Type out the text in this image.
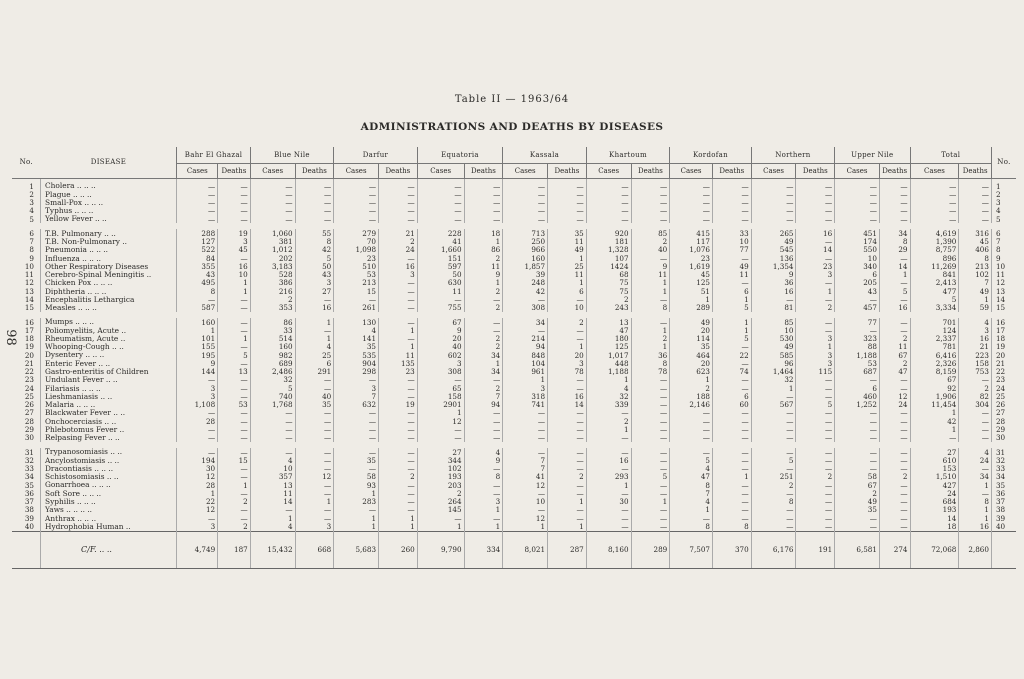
98
Table II — 1963/64
ADMINISTRATIONS AND DEATHS BY DISEASES
No.	DISEASE	Bahr El Ghazal		Blue Nile		Darfur		Equatoria		Kassala		Khartoum		Kordofan		Northern		Upper Nile		Total		No.
		Cases	Deaths	Cases	Deaths	Cases	Deaths	Cases	Deaths	Cases	Deaths	Cases	Deaths	Cases	Deaths	Cases	Deaths	Cases	Deaths	Cases	Deaths	
1	Cholera .. .. ..	—	—	—	—	—	—	—	—	—	—	—	—	—	—	—	—	—	—	—	—	1
2	Plague .. .. ..	—	—	—	—	—	—	—	—	—	—	—	—	—	—	—	—	—	—	—	—	2
3	Small-Pox .. .. ..	—	—	—	—	—	—	—	—	—	—	—	—	—	—	—	—	—	—	—	—	3
4	Typhus .. .. ..	—	—	—	—	—	—	—	—	—	—	—	—	—	—	—	—	—	—	—	—	4
5	Yellow Fever .. ..	—	—	—	—	—	—	—	—	—	—	—	—	—	—	—	—	—	—	—	—	5

6	T.B. Pulmonary .. ..	288	19	1,060	55	279	21	228	18	713	35	920	85	415	33	265	16	451	34	4,619	316	6
7	T.B. Non-Pulmonary ..	127	3	381	8	70	2	41	1	250	11	181	2	117	10	49	—	174	8	1,390	45	7
8	Pneumonia .. .. ..	522	45	1,012	42	1,098	24	1,660	86	966	49	1,328	40	1,076	77	545	14	550	29	8,757	406	8
9	Influenza .. .. ..	84	—	202	5	23	—	151	2	160	1	107	—	23	—	136	—	10	—	896	8	9
10	Other Respiratory Diseases	355	16	3,183	50	510	16	597	11	1,857	25	1424	9	1,619	49	1,354	23	340	14	11,269	213	10
11	Cerebro-Spinal Meningitis ..	43	10	528	43	53	3	50	9	39	11	68	11	45	11	9	3	6	1	841	102	11
12	Chicken Pox .. .. ..	495	1	386	3	213	—	630	1	248	1	75	1	125	—	36	—	205	—	2,413	7	12
13	Diphtheria .. .. ..	8	1	216	27	15	—	11	2	42	6	75	1	51	6	16	1	43	5	477	49	13
14	Encephalitis Lethargica	—	—	2	—	—	—	—	—	—	—	2	—	1	1	—	—	—	—	5	1	14
15	Measles .. .. ..	587	—	353	16	261	—	755	2	308	10	243	8	289	5	81	2	457	16	3,334	59	15

16	Mumps .. .. ..	160	—	86	1	130	—	67	—	34	2	13	—	49	1	85	—	77	—	701	4	16
17	Poliomyelitis, Acute ..	1	—	33	—	4	1	9	—	—	—	47	1	20	1	10	—	—	—	124	3	17
18	Rheumatism, Acute ..	101	1	514	1	141	—	20	2	214	—	180	2	114	5	530	3	323	2	2,337	16	18
19	Whooping-Cough .. ..	155	—	160	4	35	1	40	2	94	1	125	1	35	—	49	1	88	11	781	21	19
20	Dysentery .. .. ..	195	5	982	25	535	11	602	34	848	20	1,017	36	464	22	585	3	1,188	67	6,416	223	20
21	Enteric Fever .. ..	9	—	689	6	904	135	3	1	104	3	448	8	20	—	96	3	53	2	2,326	158	21
22	Gastro-enteritis of Children	144	13	2,486	291	298	23	308	34	961	78	1,188	78	623	74	1,464	115	687	47	8,159	753	22
23	Undulant Fever .. ..	—	—	32	—	—	—	—	—	1	—	1	—	1	—	32	—	—	—	67	—	23
24	Filariasis .. .. ..	3	—	5	—	3	—	65	2	3	—	4	—	2	—	1	—	6	—	92	2	24
25	Lieshmaniasis .. ..	3	—	740	40	7	—	158	7	318	16	32	—	188	6	—	—	460	12	1,906	82	25
26	Malaria .. .. ..	1,108	53	1,768	35	632	19	2901	94	741	14	339	—	2,146	60	567	5	1,252	24	11,454	304	26
27	Blackwater Fever .. ..	—	—	—	—	—	—	1	—	—	—	—	—	—	—	—	—	—	—	1	—	27
28	Onchocerciasis .. ..	28	—	—	—	—	—	12	—	—	—	2	—	—	—	—	—	—	—	42	—	28
29	Phlebotomus Fever ..	—	—	—	—	—	—	—	—	—	—	1	—	—	—	—	—	—	—	1	—	29
30	Relpasing Fever .. ..	—	—	—	—	—	—	—	—	—	—	—	—	—	—	—	—	—	—	—	—	30

31	Trypanosomiasis .. ..	—	—	—	—	—	—	27	4	—	—	—	—	—	—	—	—	—	—	27	4	31
32	Ancylostomiasis .. ..	194	15	4	—	35	—	344	9	7	—	16	—	5	—	5	—	—	—	610	24	32
33	Dracontiasis .. .. ..	30	—	10	—	—	—	102	—	7	—	—	—	4	—	—	—	—	—	153	—	33
34	Schistosomiasis .. ..	12	—	357	12	58	2	193	8	41	2	293	5	47	1	251	2	58	2	1,510	34	34
35	Gonarrhoea .. .. ..	28	1	13	—	93	—	203	—	12	—	1	—	8	—	2	—	67	—	427	1	35
36	Soft Sore .. .. ..	1	—	11	—	1	—	2	—	—	—	—	—	7	—	—	—	2	—	24	—	36
37	Syphilis .. .. ..	22	2	14	1	283	—	264	3	10	1	30	1	4	—	8	—	49	—	684	8	37
38	Yaws .. .. .. ..	12	—	—	—	—	—	145	1	—	—	—	—	1	—	—	—	35	—	193	1	38
39	Anthrax .. .. ..	—	—	1	—	1	1	—	—	12	—	—	—	—	—	—	—	—	—	14	1	39
40	Hydrophobia Human ..	3	2	4	3	1	1	1	1	1	1	—	—	8	8	—	—	—	—	18	16	40
	C/F. .. ..	4,749	187	15,432	668	5,683	260	9,790	334	8,021	287	8,160	289	7,507	370	6,176	191	6,581	274	72,068	2,860	
